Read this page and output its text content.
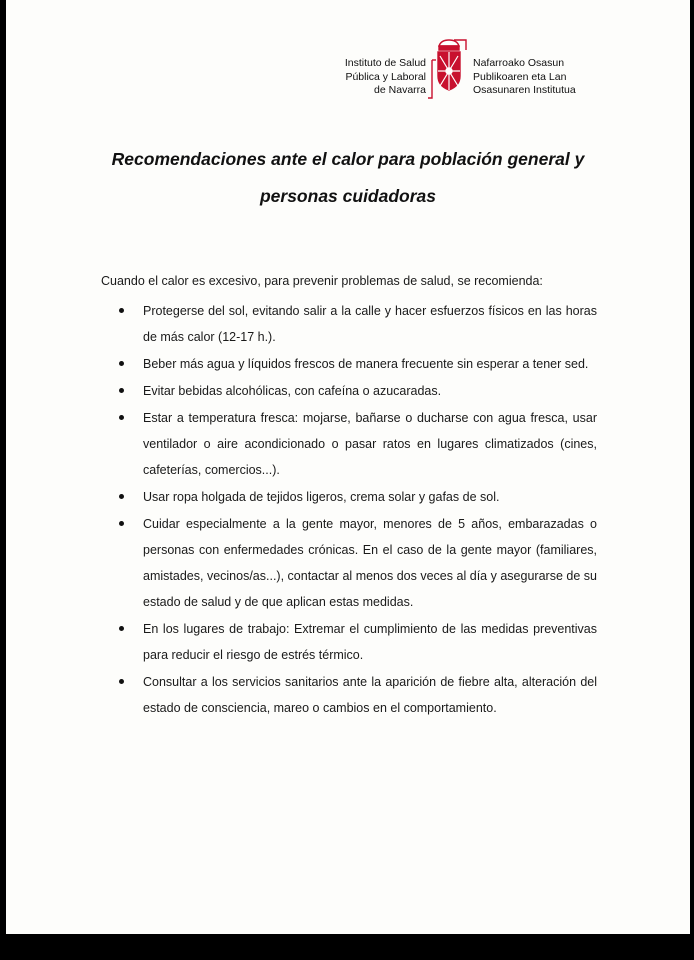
Instituto de Salud
Pública y Laboral
de Navarra
Nafarroako Osasun
Publikoaren eta Lan
Osasunaren Institutua
Recomendaciones ante el calor para población general y
personas cuidadoras
Cuando el calor es excesivo, para prevenir problemas de salud, se recomienda:
Protegerse del sol, evitando salir a la calle y hacer esfuerzos físicos en las horas de más calor (12-17 h.).
Beber más agua y líquidos frescos de manera frecuente sin esperar a tener sed.
Evitar bebidas alcohólicas, con cafeína o azucaradas.
Estar a temperatura fresca: mojarse, bañarse o ducharse con agua fresca, usar ventilador o aire acondicionado o pasar ratos en lugares climatizados (cines, cafeterías, comercios...).
Usar ropa holgada de tejidos ligeros, crema solar y gafas de sol.
Cuidar especialmente a la gente mayor, menores de 5 años, embarazadas o personas con enfermedades crónicas. En el caso de la gente mayor (familiares, amistades, vecinos/as...), contactar al menos dos veces al día y asegurarse de su estado de salud y de que aplican estas medidas.
En los lugares de trabajo: Extremar el cumplimiento de las medidas preventivas para reducir el riesgo de estrés térmico.
Consultar a los servicios sanitarios ante la aparición de fiebre alta, alteración del estado de consciencia, mareo o cambios en el comportamiento.
